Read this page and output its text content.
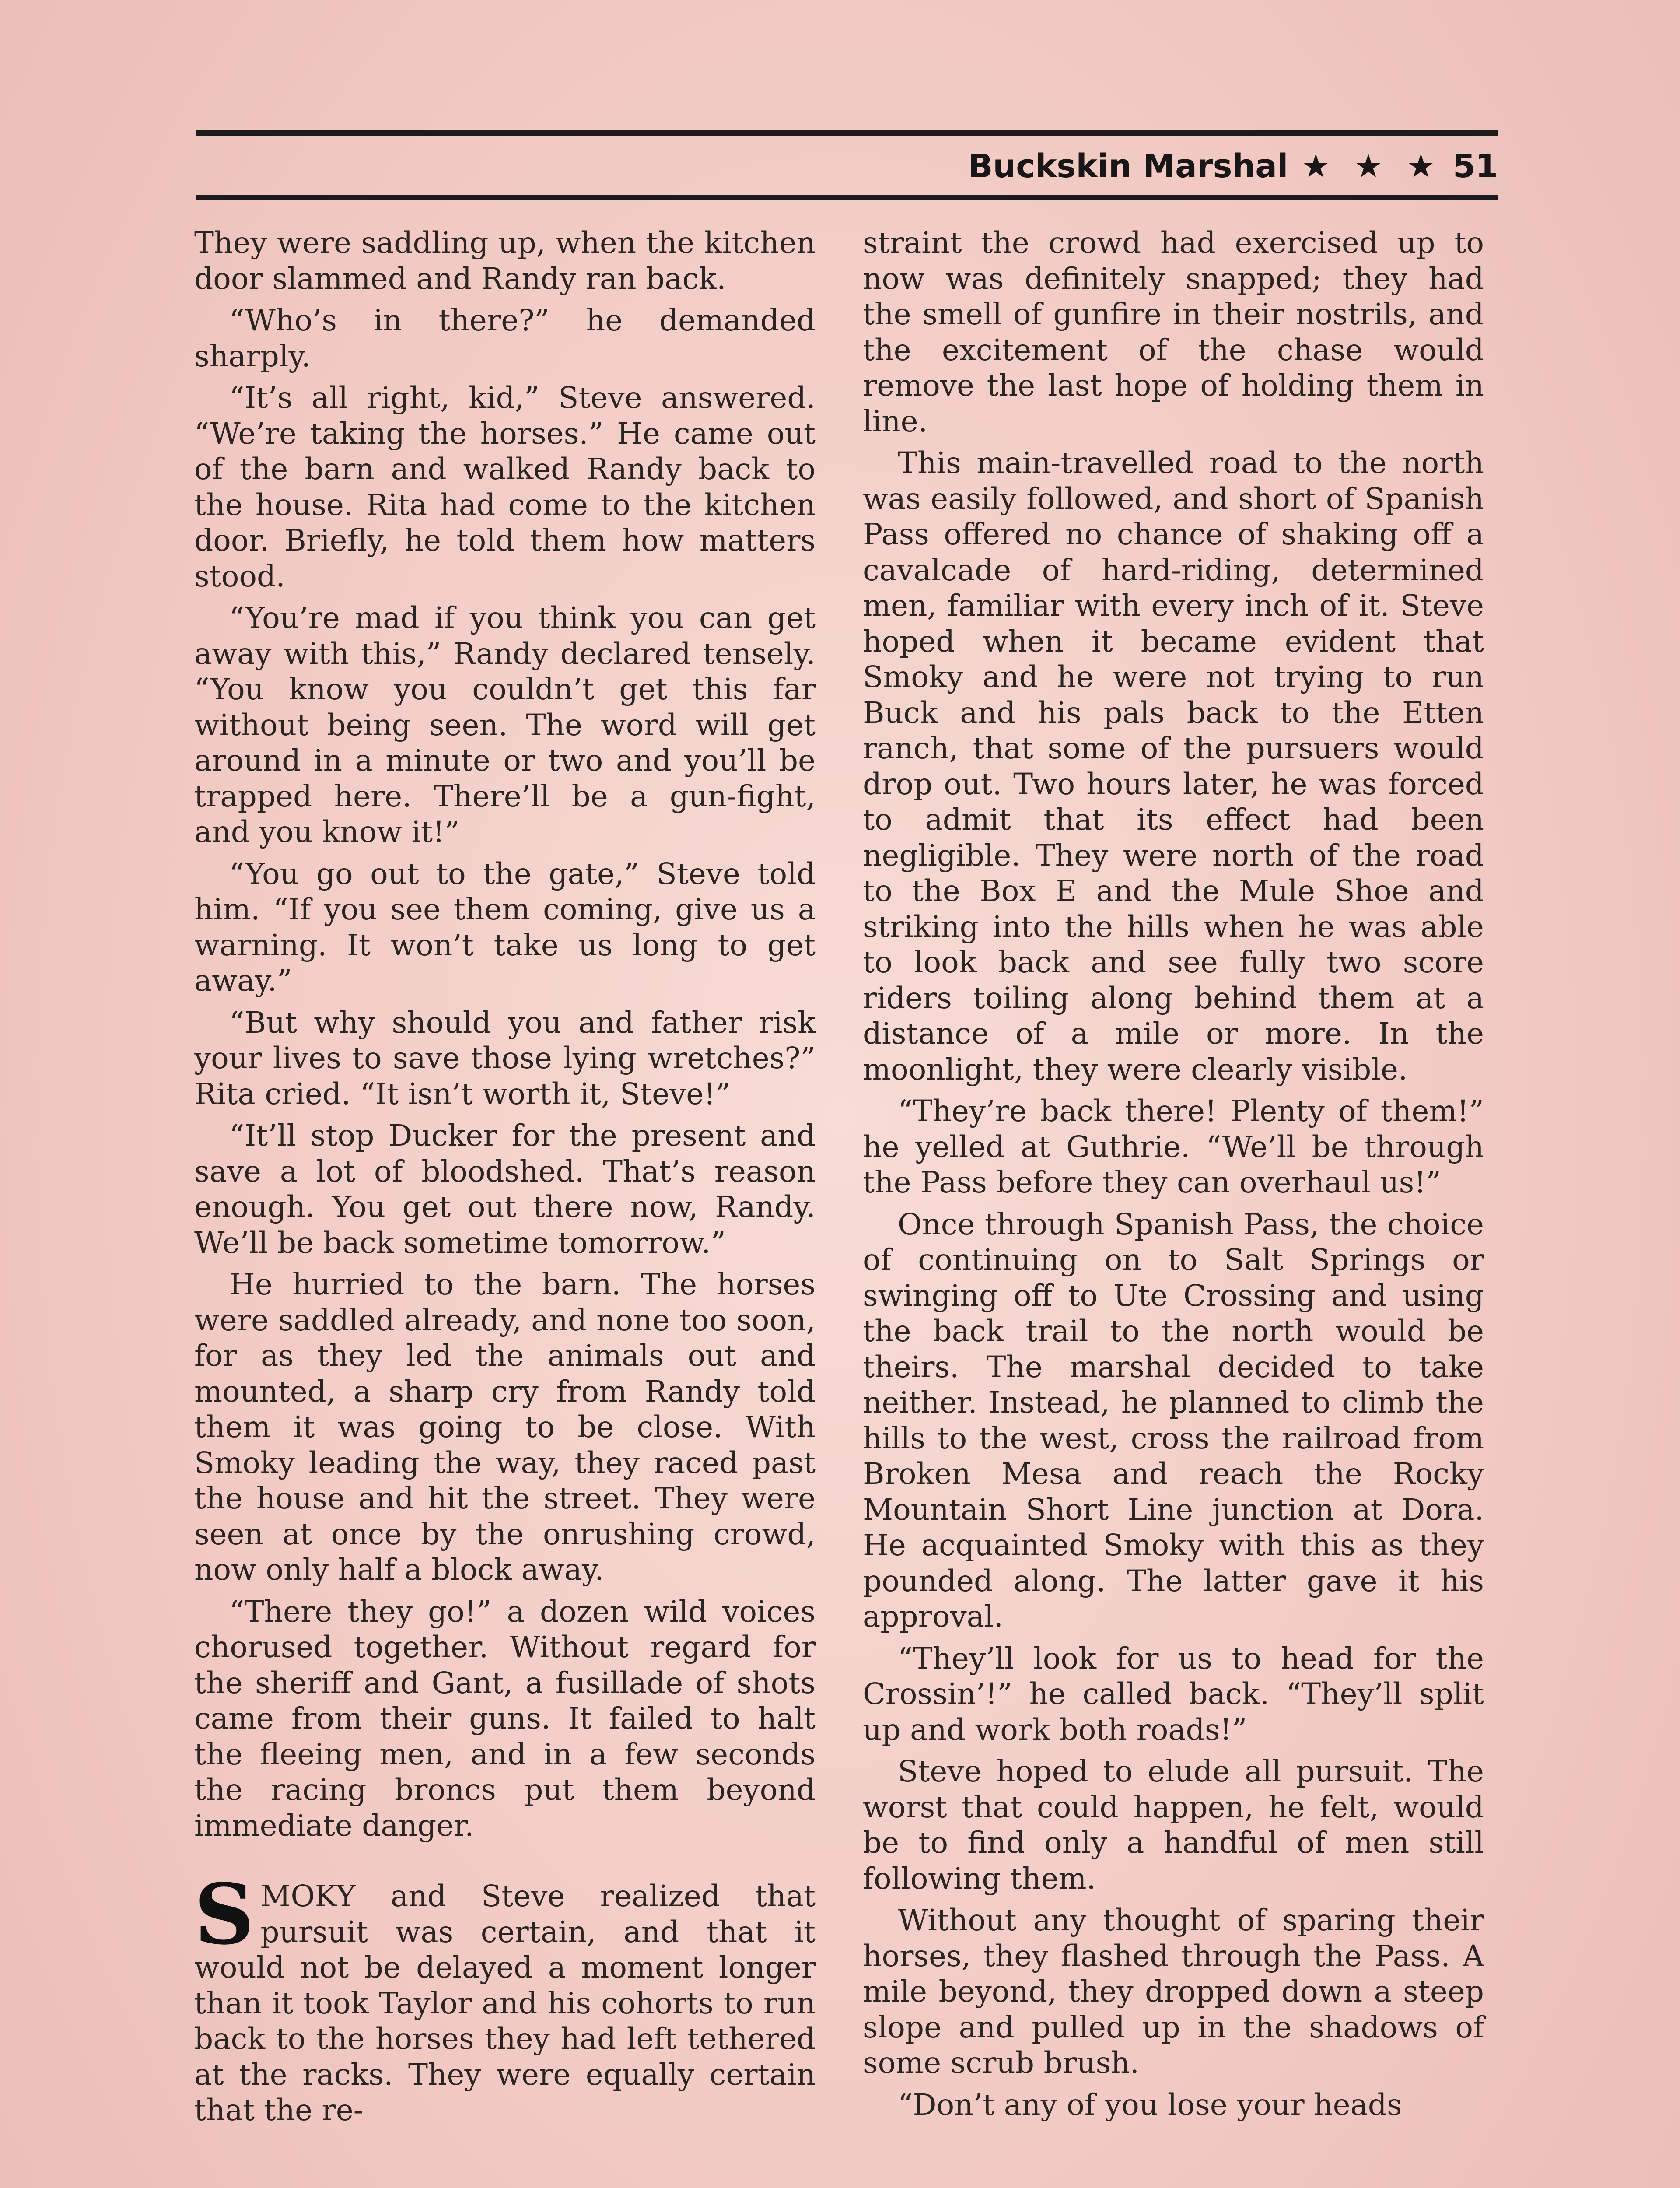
Buckskin Marshal ★ ★ ★ 51

They were saddling up, when the kitchen door slammed and Randy ran back.

“Who’s in there?” he demanded sharply.

“It’s all right, kid,” Steve answered. “We’re taking the horses.” He came out of the barn and walked Randy back to the house. Rita had come to the kitchen door. Briefly, he told them how matters stood.

“You’re mad if you think you can get away with this,” Randy declared tensely. “You know you couldn’t get this far without being seen. The word will get around in a minute or two and you’ll be trapped here. There’ll be a gun-fight, and you know it!”

“You go out to the gate,” Steve told him. “If you see them coming, give us a warning. It won’t take us long to get away.”

“But why should you and father risk your lives to save those lying wretches?” Rita cried. “It isn’t worth it, Steve!”

“It’ll stop Ducker for the present and save a lot of bloodshed. That’s reason enough. You get out there now, Randy. We’ll be back sometime tomorrow.”

He hurried to the barn. The horses were saddled already, and none too soon, for as they led the animals out and mounted, a sharp cry from Randy told them it was going to be close. With Smoky leading the way, they raced past the house and hit the street. They were seen at once by the onrushing crowd, now only half a block away.

“There they go!” a dozen wild voices chorused together. Without regard for the sheriff and Gant, a fusillade of shots came from their guns. It failed to halt the fleeing men, and in a few seconds the racing broncs put them beyond immediate danger.

SMOKY and Steve realized that pursuit was certain, and that it would not be delayed a moment longer than it took Taylor and his cohorts to run back to the horses they had left tethered at the racks. They were equally certain that the re-

straint the crowd had exercised up to now was definitely snapped; they had the smell of gunfire in their nostrils, and the excitement of the chase would remove the last hope of holding them in line.

This main-travelled road to the north was easily followed, and short of Spanish Pass offered no chance of shaking off a cavalcade of hard-riding, determined men, familiar with every inch of it. Steve hoped when it became evident that Smoky and he were not trying to run Buck and his pals back to the Etten ranch, that some of the pursuers would drop out. Two hours later, he was forced to admit that its effect had been negligible. They were north of the road to the Box E and the Mule Shoe and striking into the hills when he was able to look back and see fully two score riders toiling along behind them at a distance of a mile or more. In the moonlight, they were clearly visible.

“They’re back there! Plenty of them!” he yelled at Guthrie. “We’ll be through the Pass before they can overhaul us!”

Once through Spanish Pass, the choice of continuing on to Salt Springs or swinging off to Ute Crossing and using the back trail to the north would be theirs. The marshal decided to take neither. Instead, he planned to climb the hills to the west, cross the railroad from Broken Mesa and reach the Rocky Mountain Short Line junction at Dora. He acquainted Smoky with this as they pounded along. The latter gave it his approval.

“They’ll look for us to head for the Crossin’!” he called back. “They’ll split up and work both roads!”

Steve hoped to elude all pursuit. The worst that could happen, he felt, would be to find only a handful of men still following them.

Without any thought of sparing their horses, they flashed through the Pass. A mile beyond, they dropped down a steep slope and pulled up in the shadows of some scrub brush.

“Don’t any of you lose your heads
